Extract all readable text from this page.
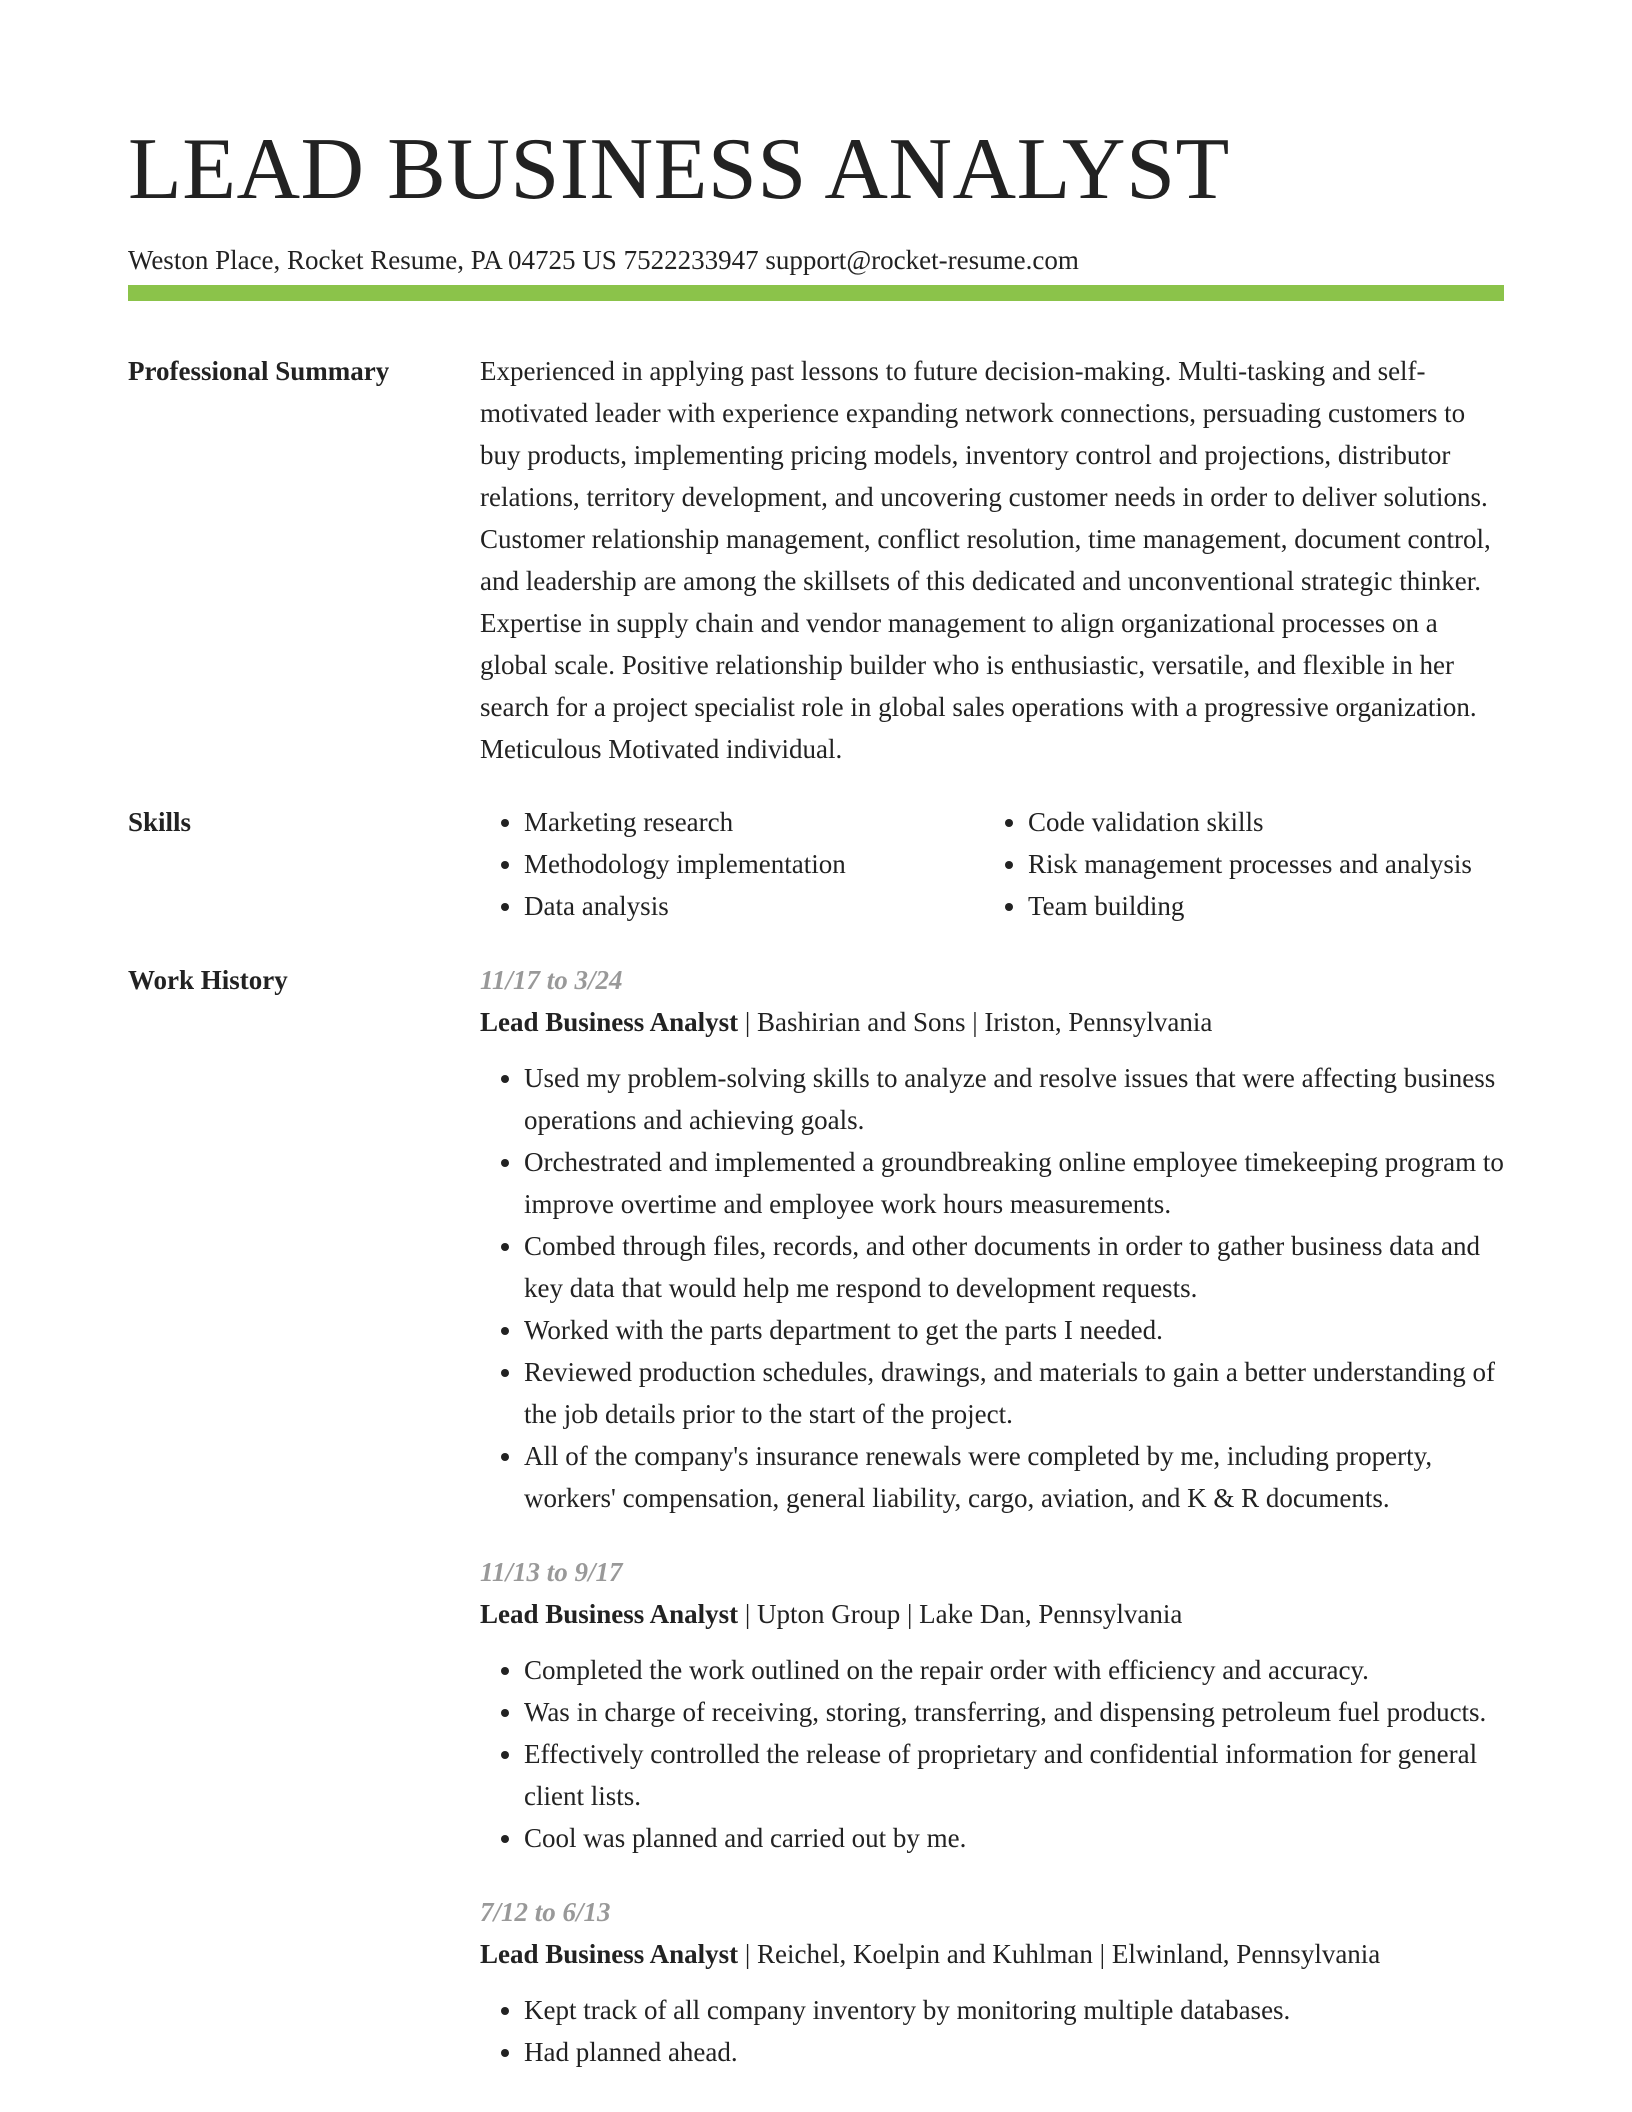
LEAD BUSINESS ANALYST
Weston Place, Rocket Resume, PA 04725 US 7522233947 support@rocket-resume.com
Professional Summary	Experienced in applying past lessons to future decision-making. Multi-tasking and self-motivated leader with experience expanding network connections, persuading customers to buy products, implementing pricing models, inventory control and projections, distributor relations, territory development, and uncovering customer needs in order to deliver solutions. Customer relationship management, conflict resolution, time management, document control, and leadership are among the skillsets of this dedicated and unconventional strategic thinker. Expertise in supply chain and vendor management to align organizational processes on a global scale. Positive relationship builder who is enthusiastic, versatile, and flexible in her search for a project specialist role in global sales operations with a progressive organization. Meticulous Motivated individual.

Skills
•	Marketing research
• Methodology implementation
• Data analysis
• Code validation skills
• Risk management processes and analysis
• Team building
Work History	11/17 to 3/24
Lead Business Analyst | Bashirian and Sons | Iriston, Pennsylvania
• Used my problem-solving skills to analyze and resolve issues that were affecting business operations and achieving goals.
• Orchestrated and implemented a groundbreaking online employee timekeeping program to improve overtime and employee work hours measurements.
• Combed through files, records, and other documents in order to gather business data and key data that would help me respond to development requests.
• Worked with the parts department to get the parts I needed.
• Reviewed production schedules, drawings, and materials to gain a better understanding of the job details prior to the start of the project.
• All of the company's insurance renewals were completed by me, including property, workers' compensation, general liability, cargo, aviation, and K & R documents.
11/13 to 9/17
Lead Business Analyst | Upton Group | Lake Dan, Pennsylvania
• Completed the work outlined on the repair order with efficiency and accuracy.
• Was in charge of receiving, storing, transferring, and dispensing petroleum fuel products.
• Effectively controlled the release of proprietary and confidential information for general client lists.
• Cool was planned and carried out by me.
7/12 to 6/13
Lead Business Analyst | Reichel, Koelpin and Kuhlman | Elwinland, Pennsylvania
• Kept track of all company inventory by monitoring multiple databases.
• Had planned ahead.
